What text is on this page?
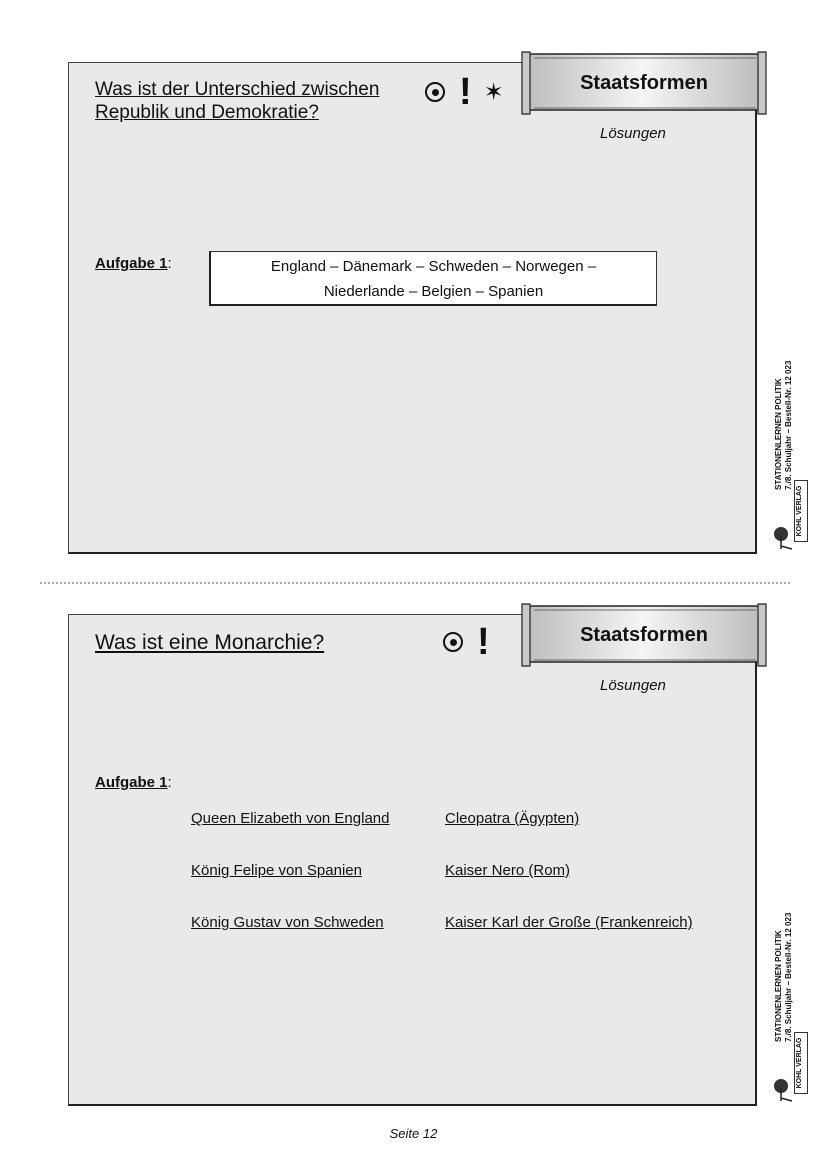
Was ist der Unterschied zwischen
Republik und Demokratie?	! ✶
Aufgabe 1:	England – Dänemark – Schweden – Norwegen –
Niederlande – Belgien – Spanien
Staatsformen
Lösungen
STATIONENLERNEN POLITIK 7./8. Schuljahr – Bestell-Nr. 12 023
KOHL VERLAG
Was ist eine Monarchie?	!
Aufgabe 1:
Queen Elizabeth von England	Cleopatra (Ägypten)
König Felipe von Spanien	Kaiser Nero (Rom)
König Gustav von Schweden	Kaiser Karl der Große (Frankenreich)
Staatsformen
Lösungen
STATIONENLERNEN POLITIK 7./8. Schuljahr – Bestell-Nr. 12 023
KOHL VERLAG
Seite 12
